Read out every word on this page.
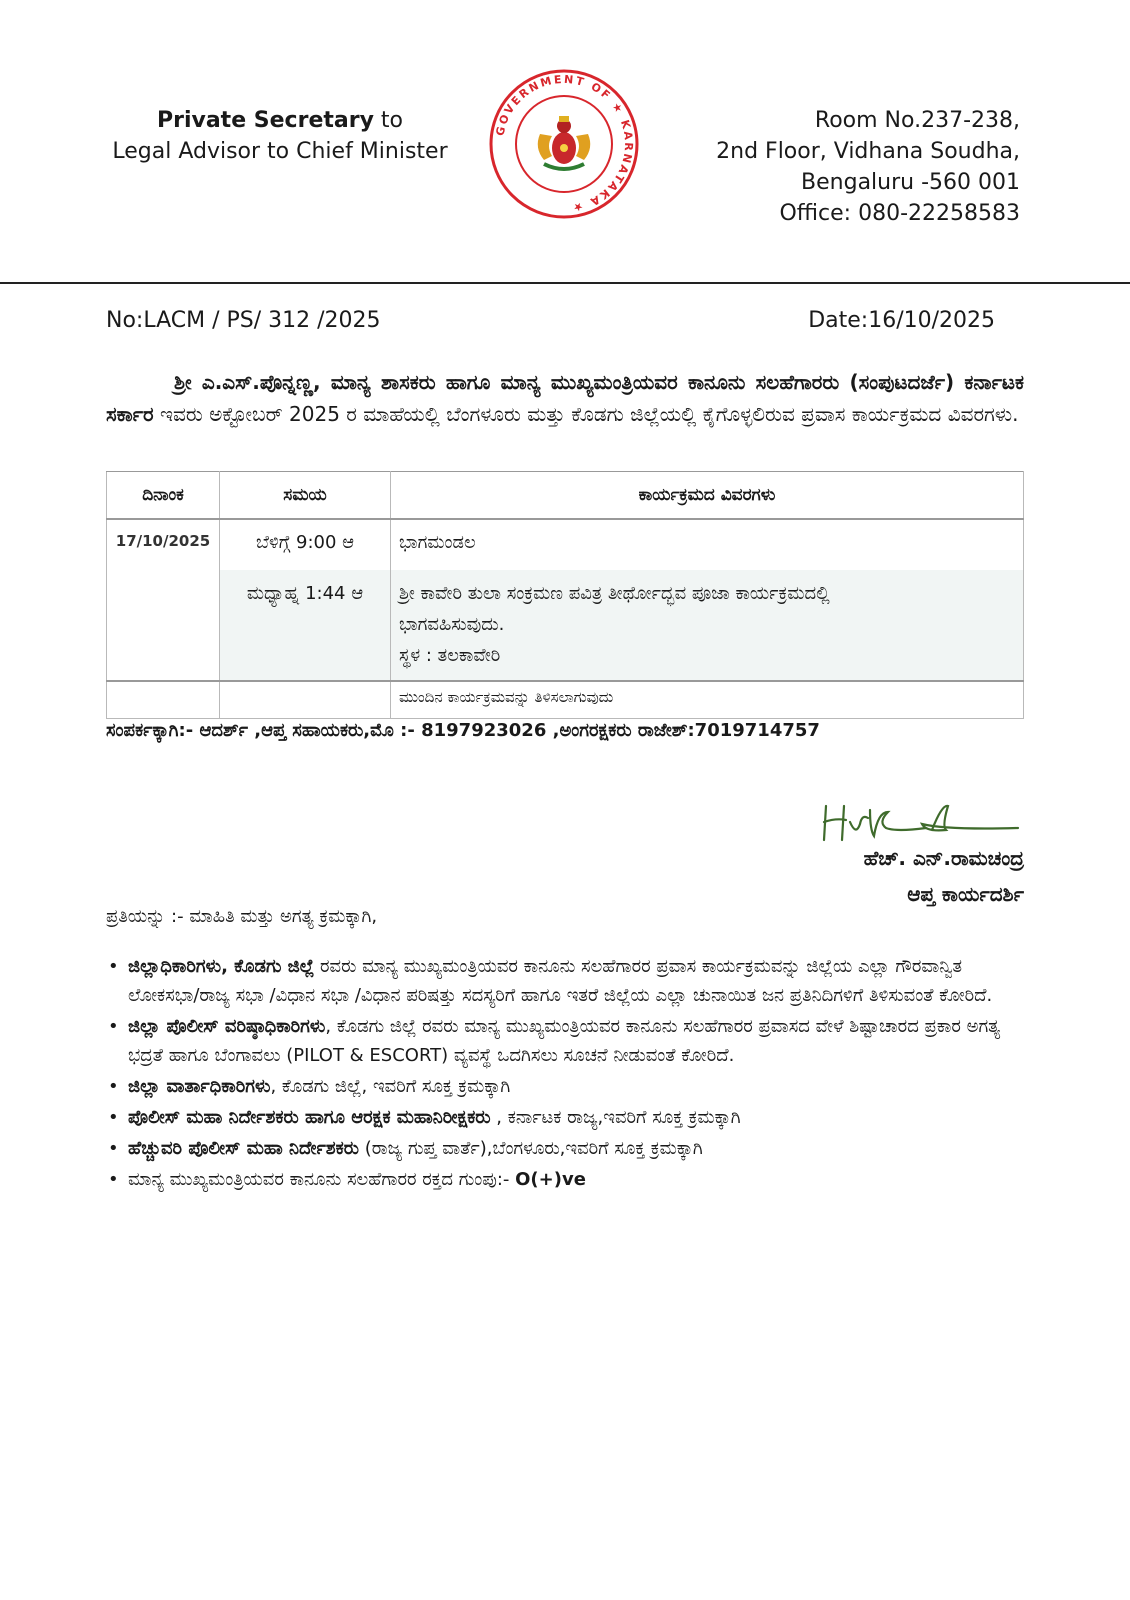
Private Secretary to
Legal Advisor to Chief Minister
GOVERNMENT OF ★ KARNATAKA ★
Room No.237-238,
2nd Floor, Vidhana Soudha,
Bengaluru -560 001
Office: 080-22258583
No:LACM / PS/ 312 /2025	Date:16/10/2025
ಶ್ರೀ ಎ.ಎಸ್.ಪೊನ್ನಣ್ಣ, ಮಾನ್ಯ ಶಾಸಕರು ಹಾಗೂ ಮಾನ್ಯ ಮುಖ್ಯಮಂತ್ರಿಯವರ ಕಾನೂನು ಸಲಹೆಗಾರರು (ಸಂಪುಟದರ್ಜೆ) ಕರ್ನಾಟಕ ಸರ್ಕಾರ ಇವರು ಅಕ್ಟೋಬರ್ 2025 ರ ಮಾಹೆಯಲ್ಲಿ ಬೆಂಗಳೂರು ಮತ್ತು ಕೊಡಗು ಜಿಲ್ಲೆಯಲ್ಲಿ ಕೈಗೊಳ್ಳಲಿರುವ ಪ್ರವಾಸ ಕಾರ್ಯಕ್ರಮದ ವಿವರಗಳು.
ದಿನಾಂಕ	ಸಮಯ	ಕಾರ್ಯಕ್ರಮದ ವಿವರಗಳು
17/10/2025	ಬೆಳಿಗ್ಗೆ 9:00 ಆ	ಭಾಗಮಂಡಲ
	ಮಧ್ಯಾಹ್ನ 1:44 ಆ	ಶ್ರೀ ಕಾವೇರಿ ತುಲಾ ಸಂಕ್ರಮಣ ಪವಿತ್ರ ತೀರ್ಥೋದ್ಭವ ಪೂಜಾ ಕಾರ್ಯಕ್ರಮದಲ್ಲಿ
ಭಾಗವಹಿಸುವುದು.
ಸ್ಥಳ : ತಲಕಾವೇರಿ

		ಮುಂದಿನ ಕಾರ್ಯಕ್ರಮವನ್ನು ತಿಳಿಸಲಾಗುವುದು
ಸಂಪರ್ಕಕ್ಕಾಗಿ:- ಆದರ್ಶ್ ,ಆಪ್ತ ಸಹಾಯಕರು,ಮೊ :- 8197923026 ,ಅಂಗರಕ್ಷಕರು ರಾಜೇಶ್:7019714757
ಹೆಚ್. ಎನ್.ರಾಮಚಂದ್ರ
ಆಪ್ತ ಕಾರ್ಯದರ್ಶಿ
ಪ್ರತಿಯನ್ನು :- ಮಾಹಿತಿ ಮತ್ತು ಅಗತ್ಯ ಕ್ರಮಕ್ಕಾಗಿ,
• ಜಿಲ್ಲಾಧಿಕಾರಿಗಳು, ಕೊಡಗು ಜಿಲ್ಲೆ ರವರು ಮಾನ್ಯ ಮುಖ್ಯಮಂತ್ರಿಯವರ ಕಾನೂನು ಸಲಹೆಗಾರರ ಪ್ರವಾಸ ಕಾರ್ಯಕ್ರಮವನ್ನು ಜಿಲ್ಲೆಯ ಎಲ್ಲಾ ಗೌರವಾನ್ವಿತ ಲೋಕಸಭಾ/ರಾಜ್ಯ ಸಭಾ /ವಿಧಾನ ಸಭಾ /ವಿಧಾನ ಪರಿಷತ್ತು ಸದಸ್ಯರಿಗೆ ಹಾಗೂ ಇತರೆ ಜಿಲ್ಲೆಯ ಎಲ್ಲಾ ಚುನಾಯಿತ ಜನ ಪ್ರತಿನಿದಿಗಳಿಗೆ ತಿಳಿಸುವಂತೆ ಕೋರಿದೆ.
• ಜಿಲ್ಲಾ ಪೊಲೀಸ್ ವರಿಷ್ಠಾಧಿಕಾರಿಗಳು, ಕೊಡಗು ಜಿಲ್ಲೆ ರವರು ಮಾನ್ಯ ಮುಖ್ಯಮಂತ್ರಿಯವರ ಕಾನೂನು ಸಲಹೆಗಾರರ ಪ್ರವಾಸದ ವೇಳೆ ಶಿಷ್ಟಾಚಾರದ ಪ್ರಕಾರ ಅಗತ್ಯ ಭದ್ರತೆ ಹಾಗೂ ಬೆಂಗಾವಲು (PILOT & ESCORT) ವ್ಯವಸ್ಥೆ ಒದಗಿಸಲು ಸೂಚನೆ ನೀಡುವಂತೆ ಕೋರಿದೆ.
• ಜಿಲ್ಲಾ ವಾರ್ತಾಧಿಕಾರಿಗಳು, ಕೊಡಗು ಜಿಲ್ಲೆ, ಇವರಿಗೆ ಸೂಕ್ತ ಕ್ರಮಕ್ಕಾಗಿ
• ಪೊಲೀಸ್ ಮಹಾ ನಿರ್ದೇಶಕರು ಹಾಗೂ ಆರಕ್ಷಕ ಮಹಾನಿರೀಕ್ಷಕರು , ಕರ್ನಾಟಕ ರಾಜ್ಯ,ಇವರಿಗೆ ಸೂಕ್ತ ಕ್ರಮಕ್ಕಾಗಿ
• ಹೆಚ್ಚುವರಿ ಪೊಲೀಸ್ ಮಹಾ ನಿರ್ದೇಶಕರು (ರಾಜ್ಯ ಗುಪ್ತ ವಾರ್ತೆ),ಬೆಂಗಳೂರು,ಇವರಿಗೆ ಸೂಕ್ತ ಕ್ರಮಕ್ಕಾಗಿ
• ಮಾನ್ಯ ಮುಖ್ಯಮಂತ್ರಿಯವರ ಕಾನೂನು ಸಲಹೆಗಾರರ ರಕ್ತದ ಗುಂಪು:- O(+)ve
